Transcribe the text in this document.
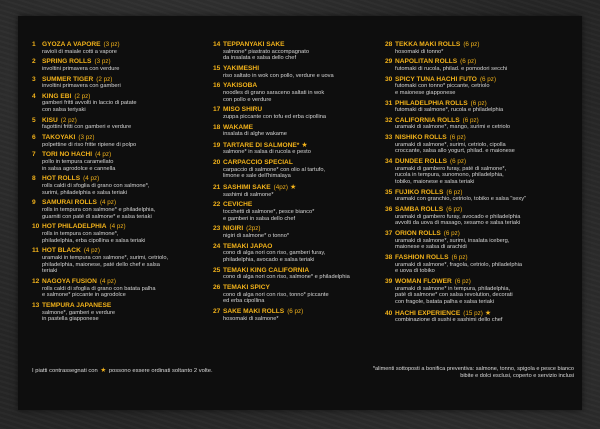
1 GYOZA A VAPORE (3 pz)
ravioli di maiale cotti a vapore
2 SPRING ROLLS (3 pz)
involtini primavera con verdure
3 SUMMER TIGER (2 pz)
involtini primavera con gamberi
4 KING EBI (2 pz)
gamberi fritti avvolti in laccio di patate
con salsa teriyaki
5 KISU (2 pz)
fagottini fritti con gamberi e verdure
6 TAKOYAKI (3 pz)
polpettine di riso fritte ripiene di polpo
7 TORI NO HACHI (4 pz)
pollo in tempura caramellato
in salsa agrodolce e cannella
8 HOT ROLLS (4 pz)
rolls caldi di sfoglia di grano con salmone*,
surimi, philadelphia e salsa teriaki
9 SAMURAI ROLLS (4 pz)
rolls in tempura con salmone* e philadelphia,
guarniti con paté di salmone* e salsa teriaki
10 HOT PHILADELPHIA (4 pz)
rolls in tempura con salmone*,
philadelphia, erba cipollina e salsa teriaki
11 HOT BLACK (4 pz)
uramaki in tempura con salmone*, surimi, cetriolo,
philadelphia, maionese, paté dello chef e salsa
teriaki
12 NAGOYA FUSION (4 pz)
rolls caldi di sfoglia di grano con batata palha
e salmone* piccante in agrodolce
13 TEMPURA JAPANESE
salmone*, gamberi e verdure
in pastella giapponese
14 TEPPANYAKI SAKE
salmone* piastrato accompagnato
da insalata e salsa dello chef
15 YAKIMESHI
riso saltato in wok con pollo, verdure e uova
16 YAKISOBA
noodles di grano saraceno saltati in wok
con pollo e verdure
17 MISO SHIRU
zuppa piccante con tofu ed erba cipollina
18 WAKAME
insalata di alghe wakame
19 TARTARE DI SALMONE* ★
salmone* in salsa di rucola e pesto
20 CARPACCIO SPECIAL
carpaccio di salmone* con olio al tartufo,
limone e sale dell'himalaya
21 SASHIMI SAKE (4pz) ★
sashimi di salmone*
22 CEVICHE
tocchetti di salmone*, pesce bianco*
e gamberi in salsa dello chef
23 NIGIRI (2pz)
nigiri di salmone* o tonno*
24 TEMAKI JAPAO
cono di alga nori con riso, gamberi furay,
philadelphia, avocado e salsa teriaki
25 TEMAKI KING CALIFORNIA
cono di alga nori con riso, salmone* e philadelphia
26 TEMAKI SPICY
cono di alga nori con riso, tonno* piccante
ed erba cipollina
27 SAKE MAKI ROLLS (6 pz)
hosomaki di salmone*
28 TEKKA MAKI ROLLS (6 pz)
hosomaki di tonno*
29 NAPOLITAN ROLLS (6 pz)
futomaki di rucola, philad. e pomodori secchi
30 SPICY TUNA HACHI FUTO (6 pz)
futomaki con tonno* piccante, cetriolo
e maionese giapponese
31 PHILADELPHIA ROLLS (6 pz)
futomaki di salmone*, rucola e philadelphia
32 CALIFORNIA ROLLS (6 pz)
uramaki di salmone*, mango, surimi e cetriolo
33 NISHIKO ROLLS (6 pz)
uramaki di salmone*, surimi, cetriolo, cipolla
croccante, salsa allo yogurt, philad. e maionese
34 DUNDEE ROLLS (6 pz)
uramaki di gambero furay, paté di salmone*,
rucola in tempura, sunomono, philadelphia,
tobiko, maionese e salsa teriaki
35 FUJIKO ROLLS (6 pz)
uramaki con granchio, cetriolo, tobiko e salsa "sexy"
36 SAMBA ROLLS (6 pz)
uramaki di gambero furay, avocado e philadelphia
avvolti da uova di masago, sesamo e salsa teriaki
37 ORION ROLLS (6 pz)
uramaki di salmone*, surimi, insalata iceberg,
maionese e salsa di arachidi
38 FASHION ROLLS (6 pz)
uramaki di salmone*, fragola, cetriolo, philadelphia
e uova di tobiko
39 WOMAN FLOWER (6 pz)
uramaki di salmone* in tempura, philadelphia,
paté di salmone* con salsa revolution, decorati
con fragole, batata palha e salsa teriaki
40 HACHI EXPERIENCE (15 pz) ★
combinazione di sushi e sashimi dello chef
I piatti contrassegnati con ★ possono essere ordinati soltanto 2 volte.	*alimenti sottoposti a bonifica preventiva: salmone, tonno, spigola e pesce bianco
bibite e dolci esclusi, coperto e servizio inclusi
